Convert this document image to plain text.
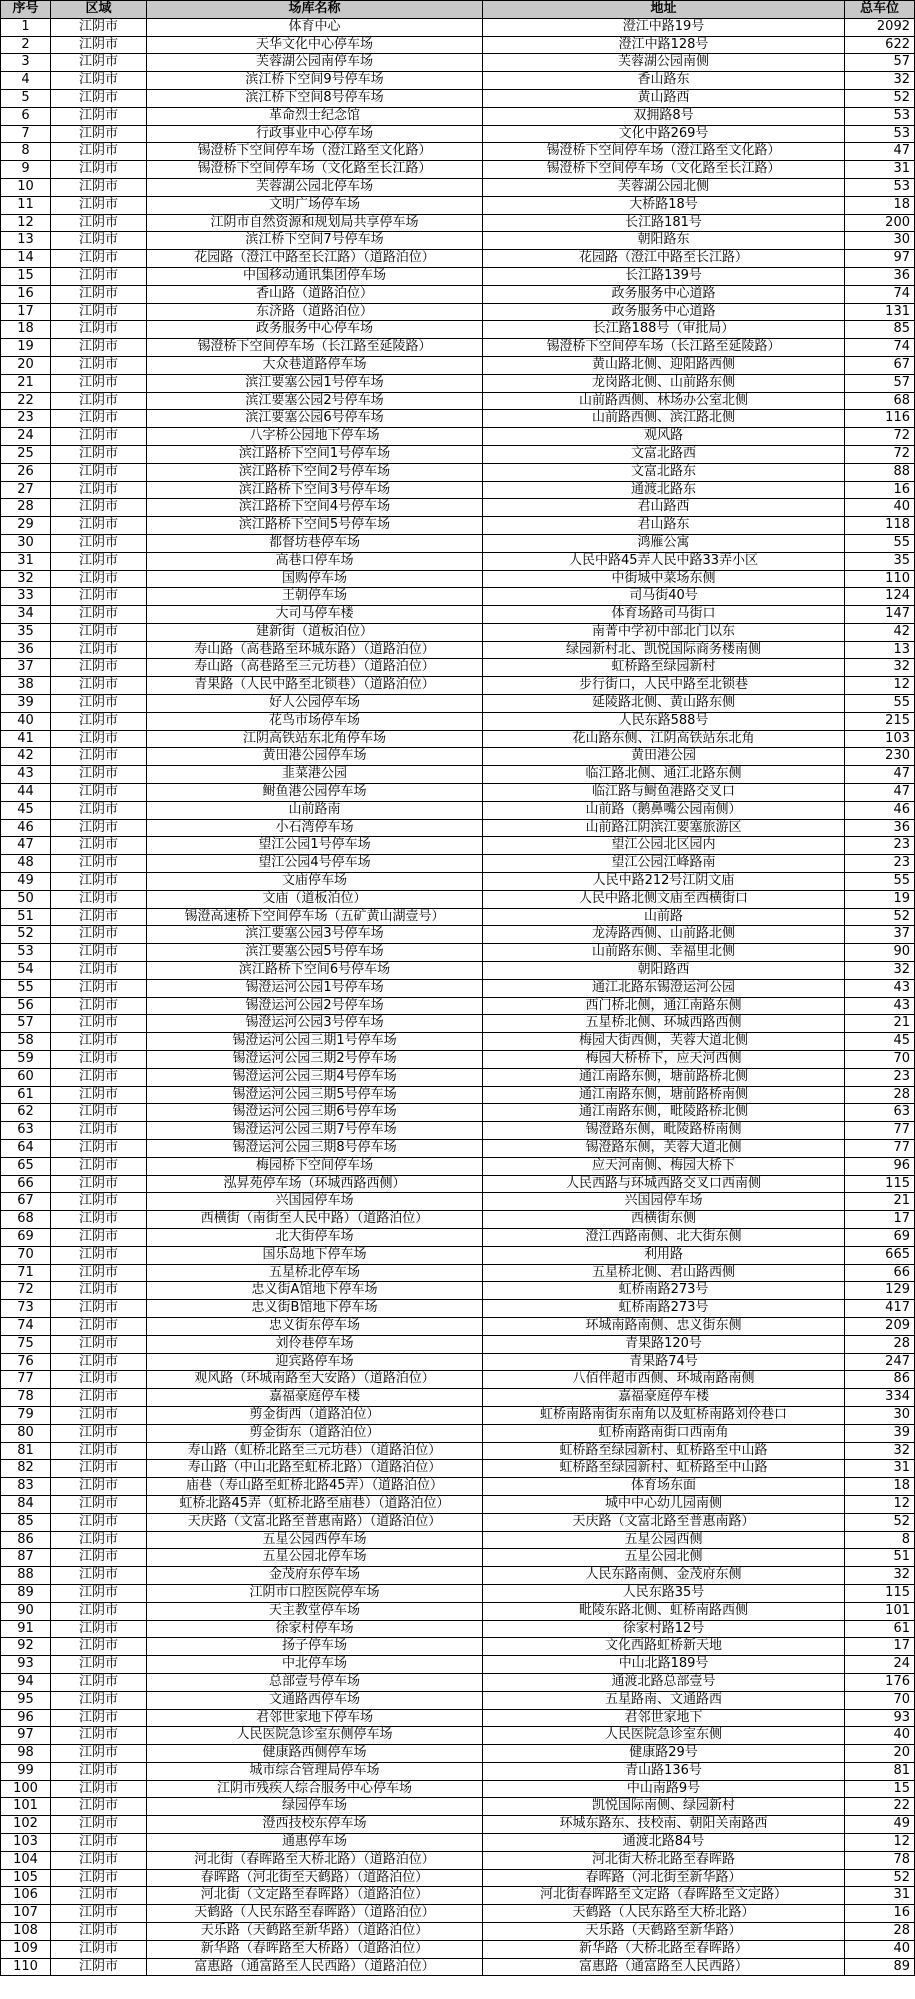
序号	区域	场库名称	地址	总车位
1	江阴市	体育中心	澄江中路19号	2092
2	江阴市	天华文化中心停车场	澄江中路128号	622
3	江阴市	芙蓉湖公园南停车场	芙蓉湖公园南侧	57
4	江阴市	滨江桥下空间9号停车场	香山路东	32
5	江阴市	滨江桥下空间8号停车场	黄山路西	52
6	江阴市	革命烈士纪念馆	双拥路8号	53
7	江阴市	行政事业中心停车场	文化中路269号	53
8	江阴市	锡澄桥下空间停车场（澄江路至文化路）	锡澄桥下空间停车场（澄江路至文化路）	47
9	江阴市	锡澄桥下空间停车场（文化路至长江路）	锡澄桥下空间停车场（文化路至长江路）	31
10	江阴市	芙蓉湖公园北停车场	芙蓉湖公园北侧	53
11	江阴市	文明广场停车场	大桥路18号	18
12	江阴市	江阴市自然资源和规划局共享停车场	长江路181号	200
13	江阴市	滨江桥下空间7号停车场	朝阳路东	30
14	江阴市	花园路（澄江中路至长江路）（道路泊位）	花园路（澄江中路至长江路）	97
15	江阴市	中国移动通讯集团停车场	长江路139号	36
16	江阴市	香山路（道路泊位）	政务服务中心道路	74
17	江阴市	东济路（道路泊位）	政务服务中心道路	131
18	江阴市	政务服务中心停车场	长江路188号（审批局）	85
19	江阴市	锡澄桥下空间停车场（长江路至延陵路）	锡澄桥下空间停车场（长江路至延陵路）	74
20	江阴市	大众巷道路停车场	黄山路北侧、迎阳路西侧	67
21	江阴市	滨江要塞公园1号停车场	龙岗路北侧、山前路东侧	57
22	江阴市	滨江要塞公园2号停车场	山前路西侧、林场办公室北侧	68
23	江阴市	滨江要塞公园6号停车场	山前路西侧、滨江路北侧	116
24	江阴市	八字桥公园地下停车场	观风路	72
25	江阴市	滨江路桥下空间1号停车场	文富北路西	72
26	江阴市	滨江路桥下空间2号停车场	文富北路东	88
27	江阴市	滨江路桥下空间3号停车场	通渡北路东	16
28	江阴市	滨江路桥下空间4号停车场	君山路西	40
29	江阴市	滨江路桥下空间5号停车场	君山路东	118
30	江阴市	都督坊巷停车场	鸿雁公寓	55
31	江阴市	高巷口停车场	人民中路45弄人民中路33弄小区	35
32	江阴市	国购停车场	中街城中菜场东侧	110
33	江阴市	王朝停车场	司马街40号	124
34	江阴市	大司马停车楼	体育场路司马街口	147
35	江阴市	建新街（道板泊位）	南菁中学初中部北门以东	42
36	江阴市	寿山路（高巷路至环城东路）（道路泊位）	绿园新村北、凯悦国际商务楼南侧	13
37	江阴市	寿山路（高巷路至三元坊巷）（道路泊位）	虹桥路至绿园新村	32
38	江阴市	青果路（人民中路至北锁巷）（道路泊位）	步行街口，人民中路至北锁巷	12
39	江阴市	好人公园停车场	延陵路北侧、黄山路东侧	55
40	江阴市	花鸟市场停车场	人民东路588号	215
41	江阴市	江阴高铁站东北角停车场	花山路东侧、江阴高铁站东北角	103
42	江阴市	黄田港公园停车场	黄田港公园	230
43	江阴市	韭菜港公园	临江路北侧、通江北路东侧	47
44	江阴市	鲥鱼港公园停车场	临江路与鲥鱼港路交叉口	47
45	江阴市	山前路南	山前路（鹅鼻嘴公园南侧）	46
46	江阴市	小石湾停车场	山前路江阴滨江要塞旅游区	36
47	江阴市	望江公园1号停车场	望江公园北区园内	23
48	江阴市	望江公园4号停车场	望江公园江峰路南	23
49	江阴市	文庙停车场	人民中路212号江阴文庙	55
50	江阴市	文庙（道板泊位）	人民中路北侧文庙至西横街口	19
51	江阴市	锡澄高速桥下空间停车场（五矿黄山湖壹号）	山前路	52
52	江阴市	滨江要塞公园3号停车场	龙涛路西侧、山前路北侧	37
53	江阴市	滨江要塞公园5号停车场	山前路东侧、幸福里北侧	90
54	江阴市	滨江路桥下空间6号停车场	朝阳路西	32
55	江阴市	锡澄运河公园1号停车场	通江北路东锡澄运河公园	43
56	江阴市	锡澄运河公园2号停车场	西门桥北侧，通江南路东侧	43
57	江阴市	锡澄运河公园3号停车场	五星桥北侧、环城西路西侧	21
58	江阴市	锡澄运河公园三期1号停车场	梅园大街西侧，芙蓉大道北侧	45
59	江阴市	锡澄运河公园三期2号停车场	梅园大桥桥下，应天河西侧	70
60	江阴市	锡澄运河公园三期4号停车场	通江南路东侧，塘前路桥北侧	23
61	江阴市	锡澄运河公园三期5号停车场	通江南路东侧，塘前路桥南侧	28
62	江阴市	锡澄运河公园三期6号停车场	通江南路东侧，毗陵路桥北侧	63
63	江阴市	锡澄运河公园三期7号停车场	锡澄路东侧，毗陵路桥南侧	77
64	江阴市	锡澄运河公园三期8号停车场	锡澄路东侧，芙蓉大道北侧	77
65	江阴市	梅园桥下空间停车场	应天河南侧、梅园大桥下	96
66	江阴市	泓昇苑停车场（环城西路西侧）	人民西路与环城西路交叉口西南侧	115
67	江阴市	兴国园停车场	兴国园停车场	21
68	江阴市	西横街（南街至人民中路）（道路泊位）	西横街东侧	17
69	江阴市	北大街停车场	澄江西路南侧、北大街东侧	69
70	江阴市	国乐岛地下停车场	利用路	665
71	江阴市	五星桥北停车场	五星桥北侧、君山路西侧	66
72	江阴市	忠义街A馆地下停车场	虹桥南路273号	129
73	江阴市	忠义街B馆地下停车场	虹桥南路273号	417
74	江阴市	忠义街东停车场	环城南路南侧、忠义街东侧	209
75	江阴市	刘伶巷停车场	青果路120号	28
76	江阴市	迎宾路停车场	青果路74号	247
77	江阴市	观风路（环城南路至大安路）（道路泊位）	八佰伴超市西侧、环城南路南侧	86
78	江阴市	嘉福豪庭停车楼	嘉福豪庭停车楼	334
79	江阴市	剪金街西（道路泊位）	虹桥南路南街东南角以及虹桥南路刘伶巷口	30
80	江阴市	剪金街东（道路泊位）	虹桥南路南街口西南角	39
81	江阴市	寿山路（虹桥北路至三元坊巷）（道路泊位）	虹桥路至绿园新村、虹桥路至中山路	32
82	江阴市	寿山路（中山北路至虹桥北路）（道路泊位）	虹桥路至绿园新村、虹桥路至中山路	31
83	江阴市	庙巷（寿山路至虹桥北路45弄）（道路泊位）	体育场东面	18
84	江阴市	虹桥北路45弄（虹桥北路至庙巷）（道路泊位）	城中中心幼儿园南侧	12
85	江阴市	天庆路（文富北路至普惠南路）（道路泊位）	天庆路（文富北路至普惠南路）	52
86	江阴市	五星公园西停车场	五星公园西侧	8
87	江阴市	五星公园北停车场	五星公园北侧	51
88	江阴市	金茂府东停车场	人民东路南侧、金茂府东侧	32
89	江阴市	江阴市口腔医院停车场	人民东路35号	115
90	江阴市	天主教堂停车场	毗陵东路北侧、虹桥南路西侧	101
91	江阴市	徐家村停车场	徐家村路12号	61
92	江阴市	扬子停车场	文化西路虹桥新天地	17
93	江阴市	中北停车场	中山北路189号	24
94	江阴市	总部壹号停车场	通渡北路总部壹号	176
95	江阴市	文通路西停车场	五星路南、文通路西	70
96	江阴市	君邻世家地下停车场	君邻世家地下	93
97	江阴市	人民医院急诊室东侧停车场	人民医院急诊室东侧	40
98	江阴市	健康路西侧停车场	健康路29号	20
99	江阴市	城市综合管理局停车场	青山路136号	81
100	江阴市	江阴市残疾人综合服务中心停车场	中山南路9号	15
101	江阴市	绿园停车场	凯悦国际南侧、绿园新村	22
102	江阴市	澄西技校东停车场	环城东路东、技校南、朝阳关南路西	49
103	江阴市	通惠停车场	通渡北路84号	12
104	江阴市	河北街（春晖路至大桥北路）（道路泊位）	河北街大桥北路至春晖路	78
105	江阴市	春晖路（河北街至天鹤路）（道路泊位）	春晖路（河北街至新华路）	52
106	江阴市	河北街（文定路至春晖路）（道路泊位）	河北街春晖路至文定路（春晖路至文定路）	31
107	江阴市	天鹤路（人民东路至春晖路）（道路泊位）	天鹤路（人民东路至大桥北路）	16
108	江阴市	天乐路（天鹤路至新华路）（道路泊位）	天乐路（天鹤路至新华路）	28
109	江阴市	新华路（春晖路至大桥路）（道路泊位）	新华路（大桥北路至春晖路）	40
110	江阴市	富惠路（通富路至人民西路）（道路泊位）	富惠路（通富路至人民西路）	89
